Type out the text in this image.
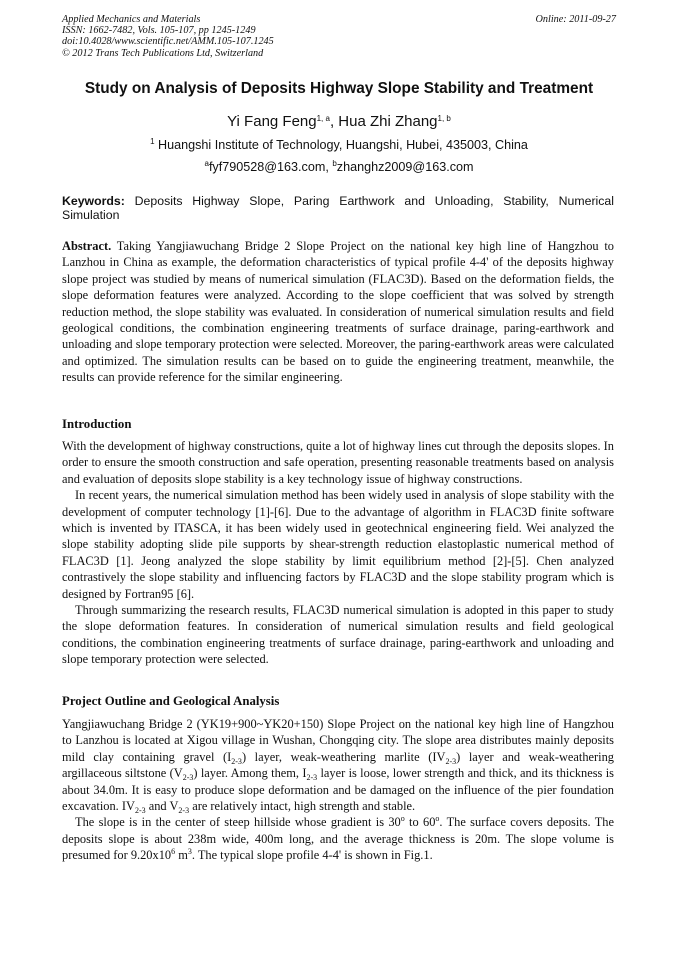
Applied Mechanics and Materials
ISSN: 1662-7482, Vols. 105-107, pp 1245-1249
doi:10.4028/www.scientific.net/AMM.105-107.1245
© 2012 Trans Tech Publications Ltd, Switzerland
Online: 2011-09-27
Study on Analysis of Deposits Highway Slope Stability and Treatment
Yi Fang Feng$^{1, a}$, Hua Zhi Zhang$^{1, b}$
$^1$ Huangshi Institute of Technology, Huangshi, Hubei, 435003, China
$^a$fyf790528@163.com, $^b$zhanghz2009@163.com
Keywords: Deposits Highway Slope, Paring Earthwork and Unloading, Stability, Numerical Simulation

Abstract. Taking Yangjiawuchang Bridge 2 Slope Project on the national key high line of Hangzhou to Lanzhou in China as example, the deformation characteristics of typical profile 4-4' of the deposits highway slope project was studied by means of numerical simulation (FLAC3D). Based on the deformation fields, the slope deformation features were analyzed. According to the slope coefficient that was solved by strength reduction method, the slope stability was evaluated. In consideration of numerical simulation results and field geological conditions, the combination engineering treatments of surface drainage, paring-earthwork and unloading and slope temporary protection were selected. Moreover, the paring-earthwork areas were calculated and optimized. The simulation results can be based on to guide the engineering treatment, meanwhile, the results can provide reference for the similar engineering.

Introduction

With the development of highway constructions, quite a lot of highway lines cut through the deposits slopes. In order to ensure the smooth construction and safe operation, presenting reasonable treatments based on analysis and evaluation of deposits slope stability is a key technology issue of highway constructions.

In recent years, the numerical simulation method has been widely used in analysis of slope stability with the development of computer technology [1]-[6]. Due to the advantage of algorithm in FLAC3D finite software which is invented by ITASCA, it has been widely used in geotechnical engineering field. Wei analyzed the slope stability adopting slide pile supports by shear-strength reduction elastoplastic numerical method of FLAC3D [1]. Jeong analyzed the slope stability by limit equilibrium method [2]-[5]. Chen analyzed contrastively the slope stability and influencing factors by FLAC3D and the slope stability program which is designed by Fortran95 [6].

Through summarizing the research results, FLAC3D numerical simulation is adopted in this paper to study the slope deformation features. In consideration of numerical simulation results and field geological conditions, the combination engineering treatments of surface drainage, paring-earthwork and unloading and slope temporary protection were selected.

Project Outline and Geological Analysis

Yangjiawuchang Bridge 2 (YK19+900~YK20+150) Slope Project on the national key high line of Hangzhou to Lanzhou is located at Xigou village in Wushan, Chongqing city. The slope area distributes mainly deposits mild clay containing gravel $(I_{2-3})$ layer, weak-weathering marlite $(IV_{2-3})$ layer and weak-weathering argillaceous siltstone $(V_{2-3})$ layer. Among them, $I_{2-3}$ layer is loose, lower strength and thick, and its thickness is about 34.0m. It is easy to produce slope deformation and be damaged on the influence of the pier foundation excavation. $IV_{2-3}$ and $V_{2-3}$ are relatively intact, high strength and stable.

The slope is in the center of steep hillside whose gradient is 30$^o$ to 60$^o$. The surface covers deposits. The deposits slope is about 238m wide, 400m long, and the average thickness is 20m. The slope volume is presumed for $9.20x10^6$ $m^3$. The typical slope profile 4-4' is shown in Fig.1.
